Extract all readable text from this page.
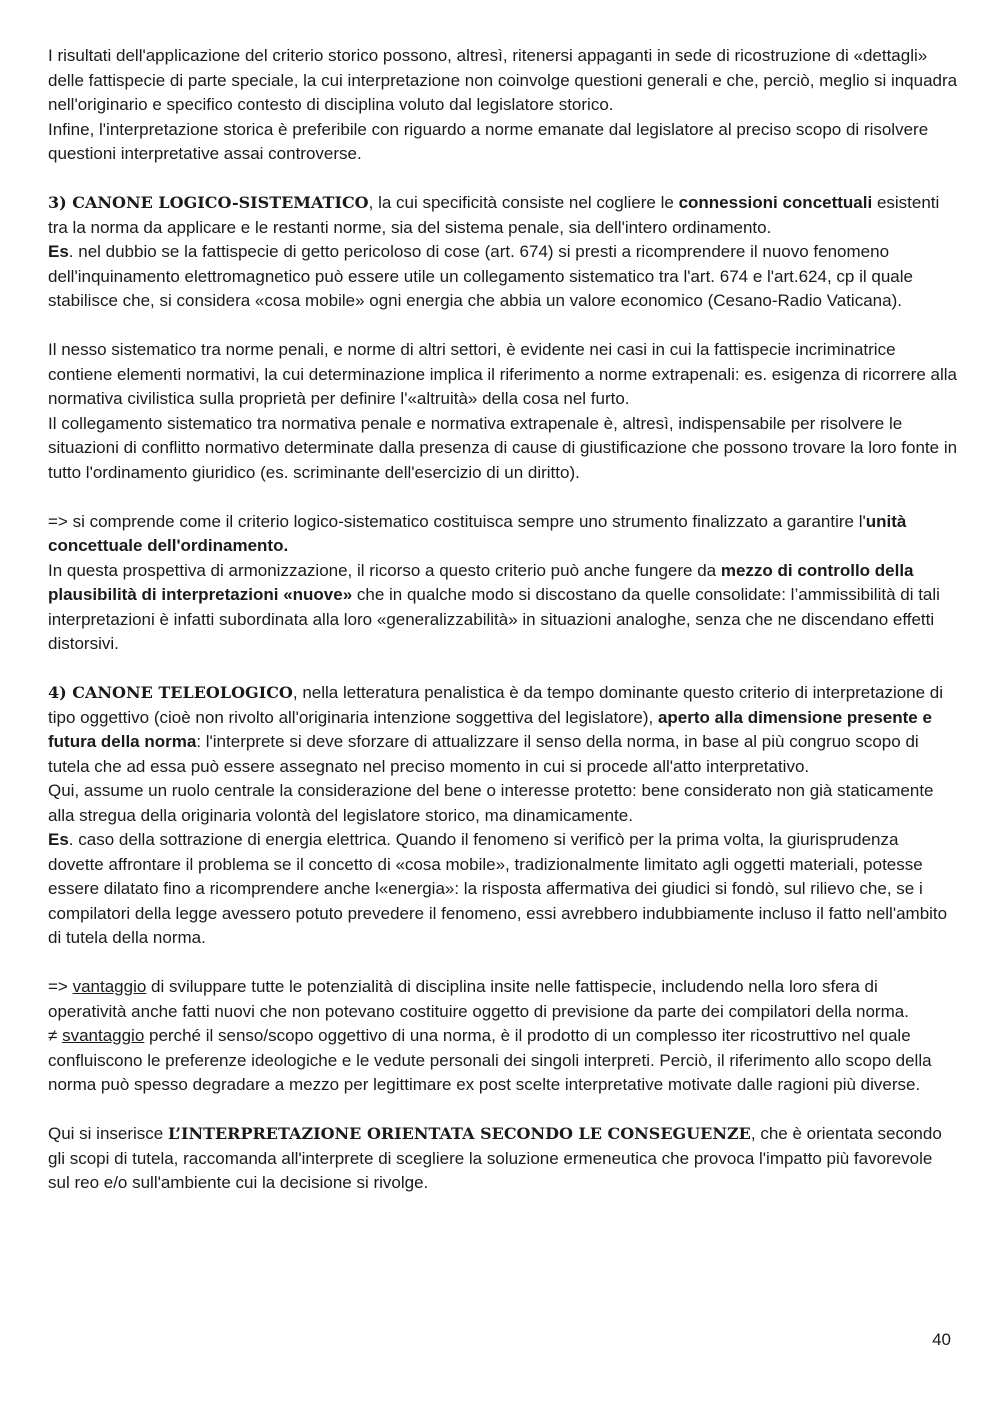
I risultati dell'applicazione del criterio storico possono, altresì, ritenersi appaganti in sede di ricostruzione di «dettagli» delle fattispecie di parte speciale, la cui interpretazione non coinvolge questioni generali e che, perciò, meglio si inquadra nell'originario e specifico contesto di disciplina voluto dal legislatore storico.

Infine, l'interpretazione storica è preferibile con riguardo a norme emanate dal legislatore al preciso scopo di risolvere questioni interpretative assai controverse.

3) CANONE LOGICO-SISTEMATICO, la cui specificità consiste nel cogliere le connessioni concettuali esistenti tra la norma da applicare e le restanti norme, sia del sistema penale, sia dell'intero ordinamento.

Es. nel dubbio se la fattispecie di getto pericoloso di cose (art. 674) si presti a ricomprendere il nuovo fenomeno dell'inquinamento elettromagnetico può essere utile un collegamento sistematico tra l'art. 674 e l'art.624, cp il quale stabilisce che, si considera «cosa mobile» ogni energia che abbia un valore economico (Cesano-Radio Vaticana).

Il nesso sistematico tra norme penali, e norme di altri settori, è evidente nei casi in cui la fattispecie incriminatrice contiene elementi normativi, la cui determinazione implica il riferimento a norme extrapenali: es. esigenza di ricorrere alla normativa civilistica sulla proprietà per definire l'«altruità» della cosa nel furto.

Il collegamento sistematico tra normativa penale e normativa extrapenale è, altresì, indispensabile per risolvere le situazioni di conflitto normativo determinate dalla presenza di cause di giustificazione che possono trovare la loro fonte in tutto l'ordinamento giuridico (es. scriminante dell'esercizio di un diritto).

=> si comprende come il criterio logico-sistematico costituisca sempre uno strumento finalizzato a garantire l'unità concettuale dell'ordinamento.

In questa prospettiva di armonizzazione, il ricorso a questo criterio può anche fungere da mezzo di controllo della plausibilità di interpretazioni «nuove» che in qualche modo si discostano da quelle consolidate: l’ammissibilità di tali interpretazioni è infatti subordinata alla loro «generalizzabilità» in situazioni analoghe, senza che ne discendano effetti distorsivi.

4) CANONE TELEOLOGICO, nella letteratura penalistica è da tempo dominante questo criterio di interpretazione di tipo oggettivo (cioè non rivolto all'originaria intenzione soggettiva del legislatore), aperto alla dimensione presente e futura della norma: l'interprete si deve sforzare di attualizzare il senso della norma, in base al più congruo scopo di tutela che ad essa può essere assegnato nel preciso momento in cui si procede all'atto interpretativo.

Qui, assume un ruolo centrale la considerazione del bene o interesse protetto: bene considerato non già staticamente alla stregua della originaria volontà del legislatore storico, ma dinamicamente.

Es. caso della sottrazione di energia elettrica. Quando il fenomeno si verificò per la prima volta, la giurisprudenza dovette affrontare il problema se il concetto di «cosa mobile», tradizionalmente limitato agli oggetti materiali, potesse essere dilatato fino a ricomprendere anche l«energia»: la risposta affermativa dei giudici si fondò, sul rilievo che, se i compilatori della legge avessero potuto prevedere il fenomeno, essi avrebbero indubbiamente incluso il fatto nell'ambito di tutela della norma.

=> vantaggio di sviluppare tutte le potenzialità di disciplina insite nelle fattispecie, includendo nella loro sfera di operatività anche fatti nuovi che non potevano costituire oggetto di previsione da parte dei compilatori della norma.

≠ svantaggio perché il senso/scopo oggettivo di una norma, è il prodotto di un complesso iter ricostruttivo nel quale confluiscono le preferenze ideologiche e le vedute personali dei singoli interpreti. Perciò, il riferimento allo scopo della norma può spesso degradare a mezzo per legittimare ex post scelte interpretative motivate dalle ragioni più diverse.

Qui si inserisce L’INTERPRETAZIONE ORIENTATA SECONDO LE CONSEGUENZE, che è orientata secondo gli scopi di tutela, raccomanda all'interprete di scegliere la soluzione ermeneutica che provoca l'impatto più favorevole sul reo e/o sull'ambiente cui la decisione si rivolge.

40
